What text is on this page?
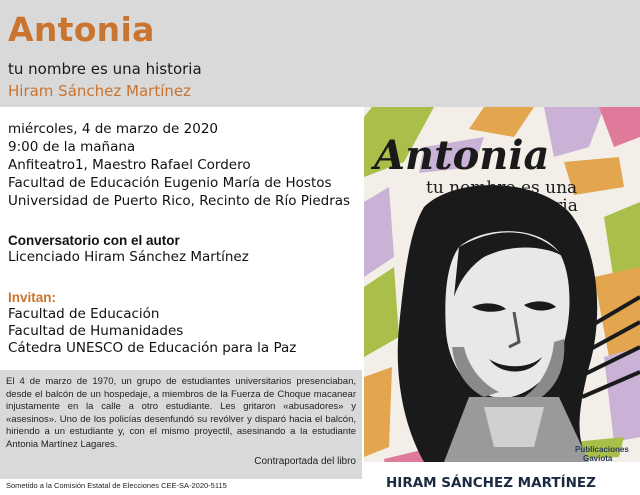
Antonia
tu nombre es una historia
Hiram Sánchez Martínez
miércoles, 4 de marzo de 2020
9:00 de la mañana
Anfiteatro1, Maestro Rafael Cordero
Facultad de Educación Eugenio María de Hostos
Universidad de Puerto Rico, Recinto de Río Piedras
Conversatorio con el autor
Licenciado Hiram Sánchez Martínez
Invitan:
Facultad de Educación
Facultad de Humanidades
Cátedra UNESCO de Educación para la Paz

El 4 de marzo de 1970, un grupo de estudiantes universitarios presenciaban, desde el balcón de un hospedaje, a miembros de la Fuerza de Choque macanear injustamente en la calle a otro estudiante. Les gritaron «abusadores» y «asesinos». Uno de los policías desenfundó su revólver y disparó hacia el balcón, hiriendo a un estudiante y, con el mismo proyectil, asesinando a la estudiante Antonia Martínez Lagares.

Contraportada del libro
Sometido a la Comisión Estatal de Elecciones CEE-SA-2020-5115
Antonia
tu nombre es una
historia
Publicaciones
Gaviota
HIRAM SÁNCHEZ MARTÍNEZ
